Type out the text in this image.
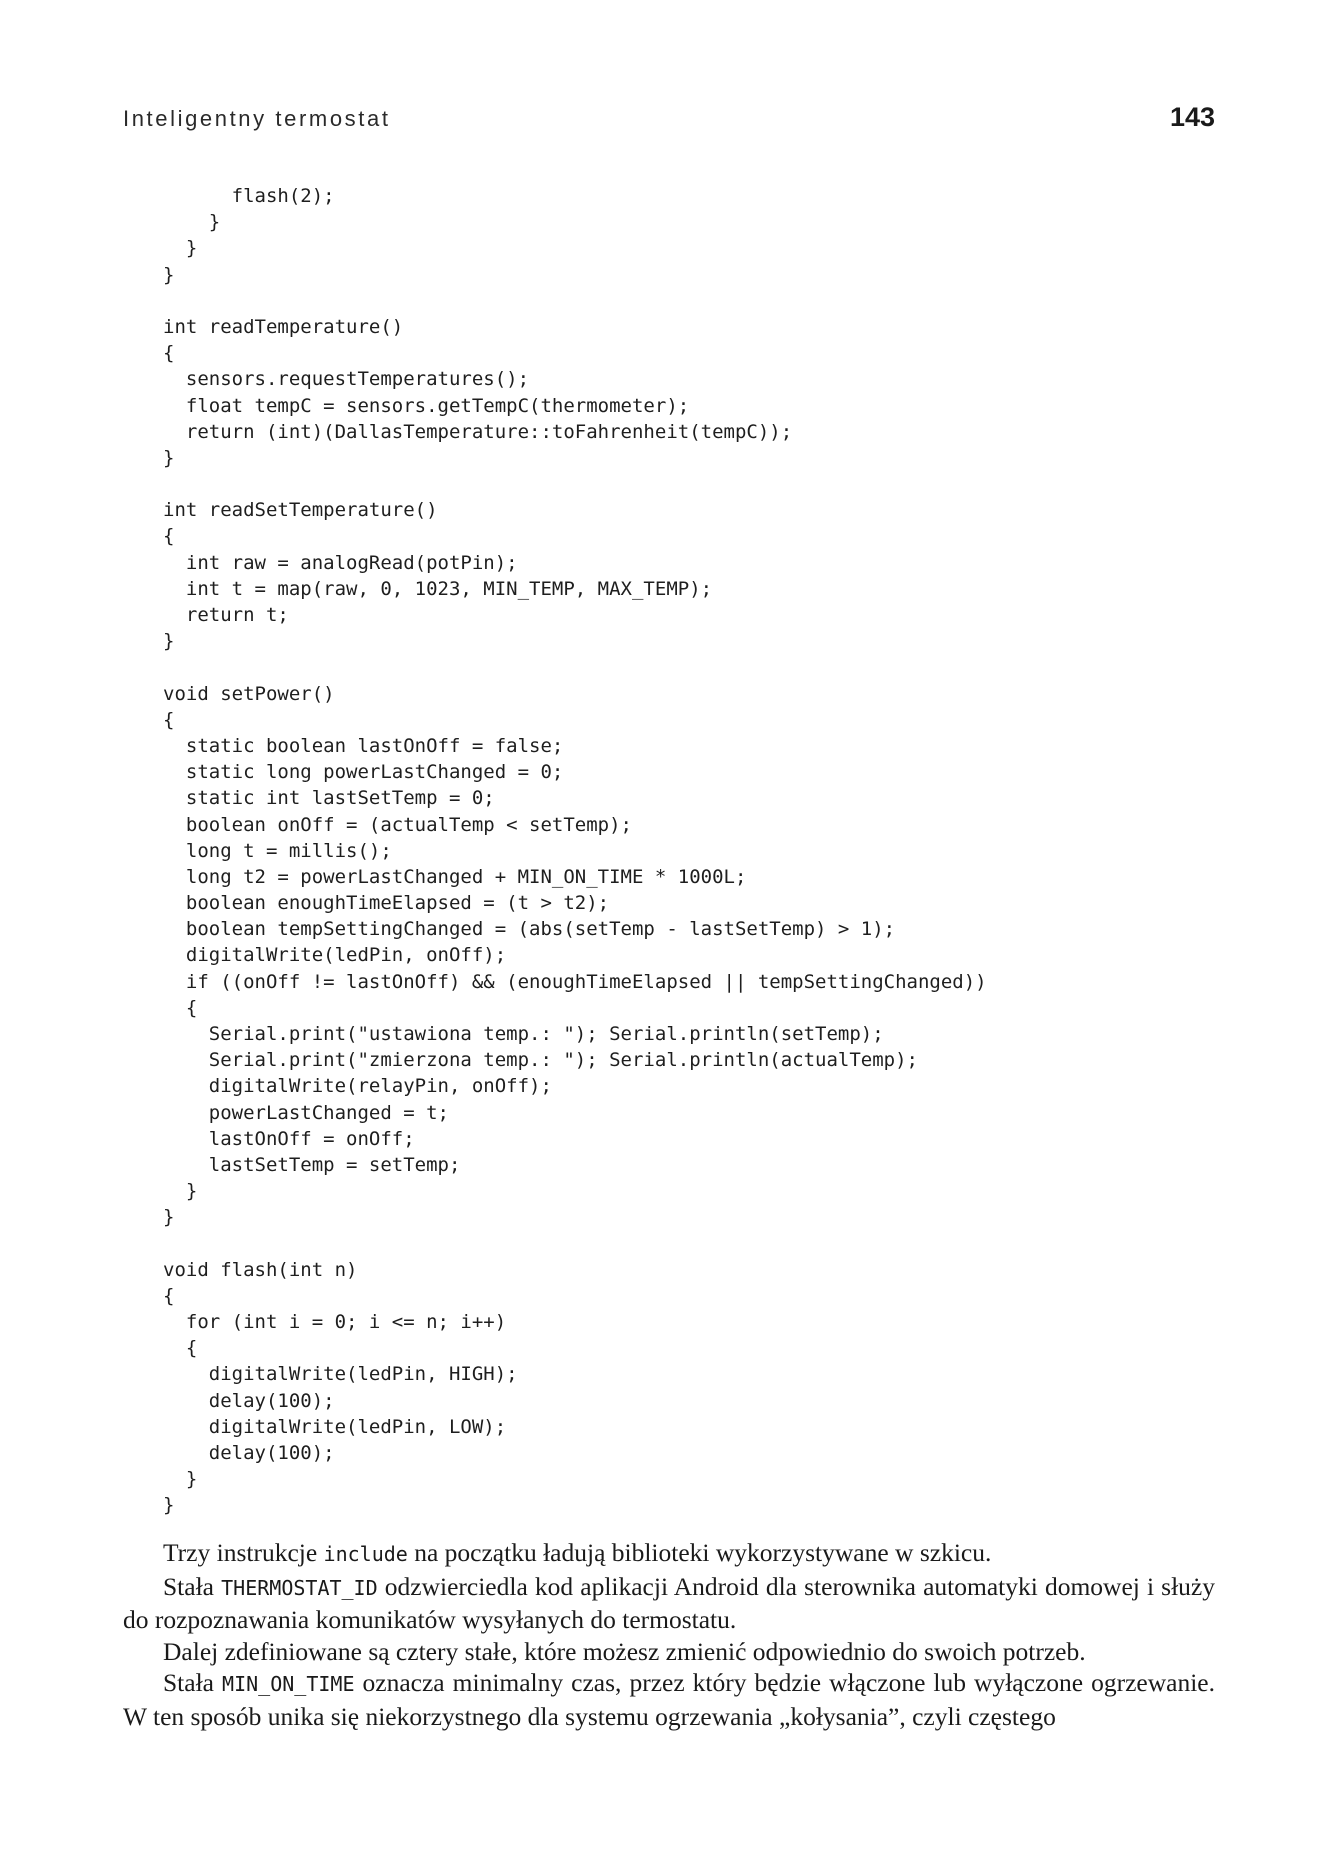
Inteligentny termostat	143
flash(2);
}
}
}
int readTemperature()
{
sensors.requestTemperatures();
float tempC = sensors.getTempC(thermometer);
return (int)(DallasTemperature::toFahrenheit(tempC));
}
int readSetTemperature()
{
int raw = analogRead(potPin);
int t = map(raw, 0, 1023, MIN_TEMP, MAX_TEMP);
return t;
}
void setPower()
{
static boolean lastOnOff = false;
static long powerLastChanged = 0;
static int lastSetTemp = 0;
boolean onOff = (actualTemp < setTemp);
long t = millis();
long t2 = powerLastChanged + MIN_ON_TIME * 1000L;
boolean enoughTimeElapsed = (t > t2);
boolean tempSettingChanged = (abs(setTemp - lastSetTemp) > 1);
digitalWrite(ledPin, onOff);
if ((onOff != lastOnOff) && (enoughTimeElapsed || tempSettingChanged))
{
Serial.print("ustawiona temp.: "); Serial.println(setTemp);
Serial.print("zmierzona temp.: "); Serial.println(actualTemp);
digitalWrite(relayPin, onOff);
powerLastChanged = t;
lastOnOff = onOff;
lastSetTemp = setTemp;
}
}
void flash(int n)
{
for (int i = 0; i <= n; i++)
{
digitalWrite(ledPin, HIGH);
delay(100);
digitalWrite(ledPin, LOW);
delay(100);
}
}

Trzy instrukcje include na początku ładują biblioteki wykorzystywane w szkicu.

Stała THERMOSTAT_ID odzwierciedla kod aplikacji Android dla sterownika automatyki domowej i służy do rozpoznawania komunikatów wysyłanych do termostatu.

Dalej zdefiniowane są cztery stałe, które możesz zmienić odpowiednio do swoich potrzeb.

Stała MIN_ON_TIME oznacza minimalny czas, przez który będzie włączone lub wyłączone ogrzewanie. W ten sposób unika się niekorzystnego dla systemu ogrzewania „kołysania”, czyli częstego
